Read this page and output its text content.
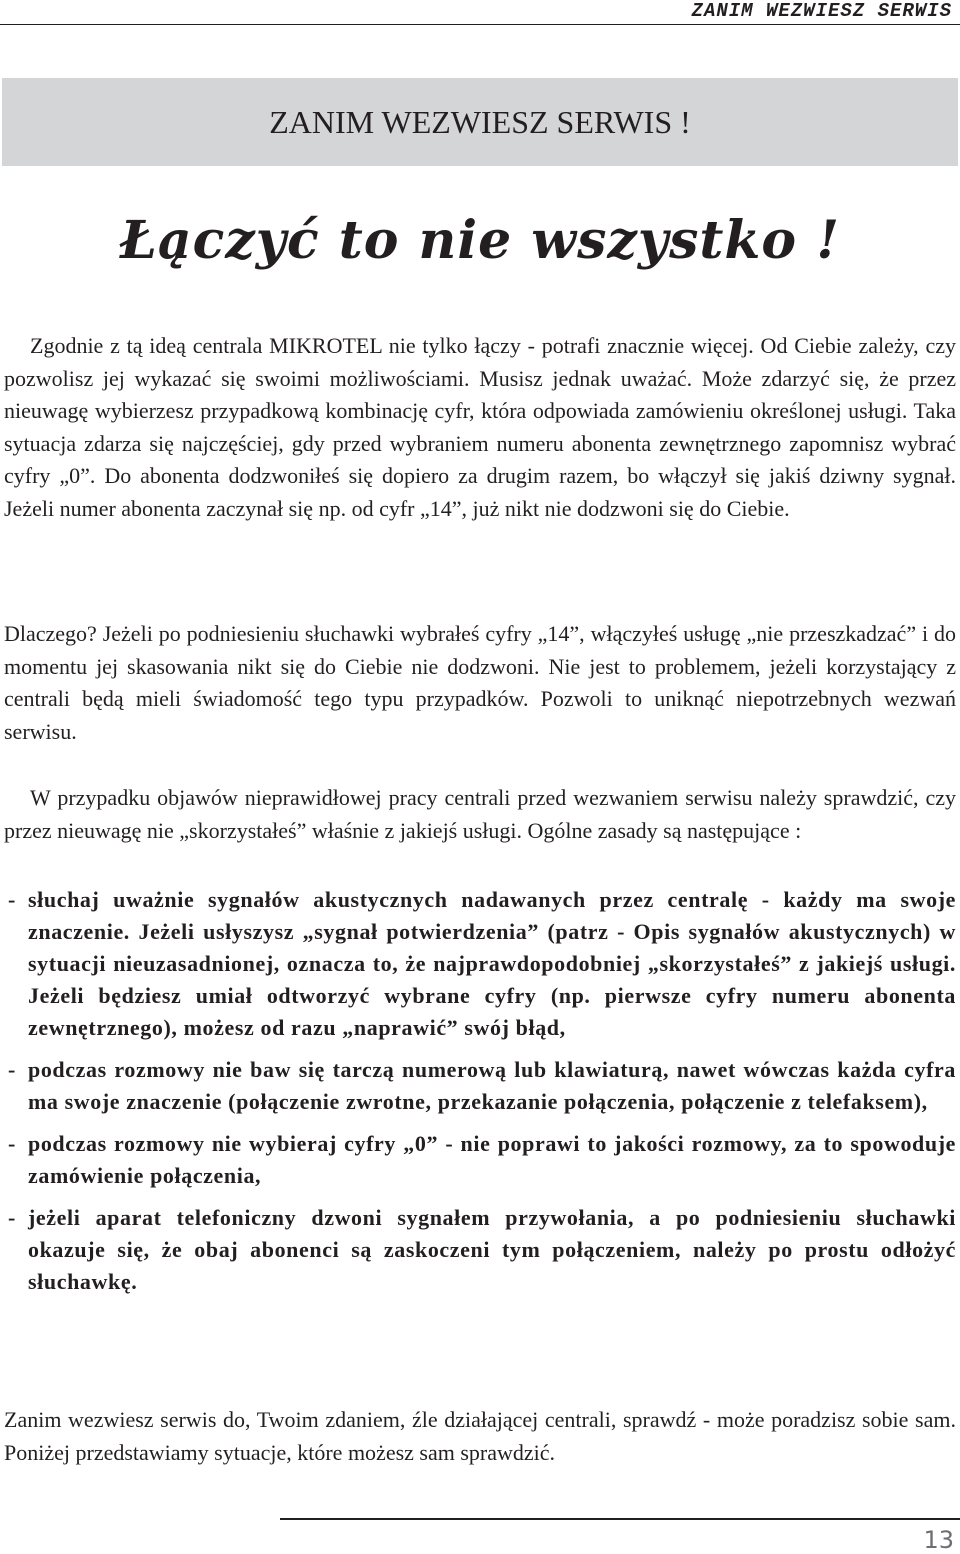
ZANIM WEZWIESZ SERWIS
ZANIM WEZWIESZ SERWIS !
Łączyć to nie wszystko !

Zgodnie z tą ideą centrala MIKROTEL nie tylko łączy - potrafi znacznie więcej. Od Ciebie zależy, czy pozwolisz jej wykazać się swoimi możliwościami. Musisz jednak uważać. Może zdarzyć się, że przez nieuwagę wybierzesz przypadkową kombinację cyfr, która odpowiada zamówieniu określonej usługi. Taka sytuacja zdarza się najczęściej, gdy przed wybraniem numeru abonenta zewnętrznego zapomnisz wybrać cyfry „0”. Do abonenta dodzwoniłeś się dopiero za drugim razem, bo włączył się jakiś dziwny sygnał. Jeżeli numer abonenta zaczynał się np. od cyfr „14”, już nikt nie dodzwoni się do Ciebie.

Dlaczego? Jeżeli po podniesieniu słuchawki wybrałeś cyfry „14”, włączyłeś usługę „nie przeszkadzać” i do momentu jej skasowania nikt się do Ciebie nie dodzwoni. Nie jest to problemem, jeżeli korzystający z centrali będą mieli świadomość tego typu przypadków. Pozwoli to uniknąć niepotrzebnych wezwań serwisu.

W przypadku objawów nieprawidłowej pracy centrali przed wezwaniem serwisu należy sprawdzić, czy przez nieuwagę nie „skorzystałeś” właśnie z jakiejś usługi. Ogólne zasady są następujące :

- słuchaj uważnie sygnałów akustycznych nadawanych przez centralę - każdy ma swoje znaczenie. Jeżeli usłyszysz „sygnał potwierdzenia” (patrz - Opis sygnałów akustycznych) w sytuacji nieuzasadnionej, oznacza to, że najprawdopodobniej „skorzystałeś” z jakiejś usługi. Jeżeli będziesz umiał odtworzyć wybrane cyfry (np. pierwsze cyfry numeru abonenta zewnętrznego), możesz od razu „naprawić” swój błąd,
- podczas rozmowy nie baw się tarczą numerową lub klawiaturą, nawet wówczas każda cyfra ma swoje znaczenie (połączenie zwrotne, przekazanie połączenia, połączenie z telefaksem),
- podczas rozmowy nie wybieraj cyfry „0” - nie poprawi to jakości rozmowy, za to spowoduje zamówienie połączenia,
- jeżeli aparat telefoniczny dzwoni sygnałem przywołania, a po podniesieniu słuchawki okazuje się, że obaj abonenci są zaskoczeni tym połączeniem, należy po prostu odłożyć słuchawkę.

Zanim wezwiesz serwis do, Twoim zdaniem, źle działającej centrali, sprawdź - może poradzisz sobie sam. Poniżej przedstawiamy sytuacje, które możesz sam sprawdzić.

13
